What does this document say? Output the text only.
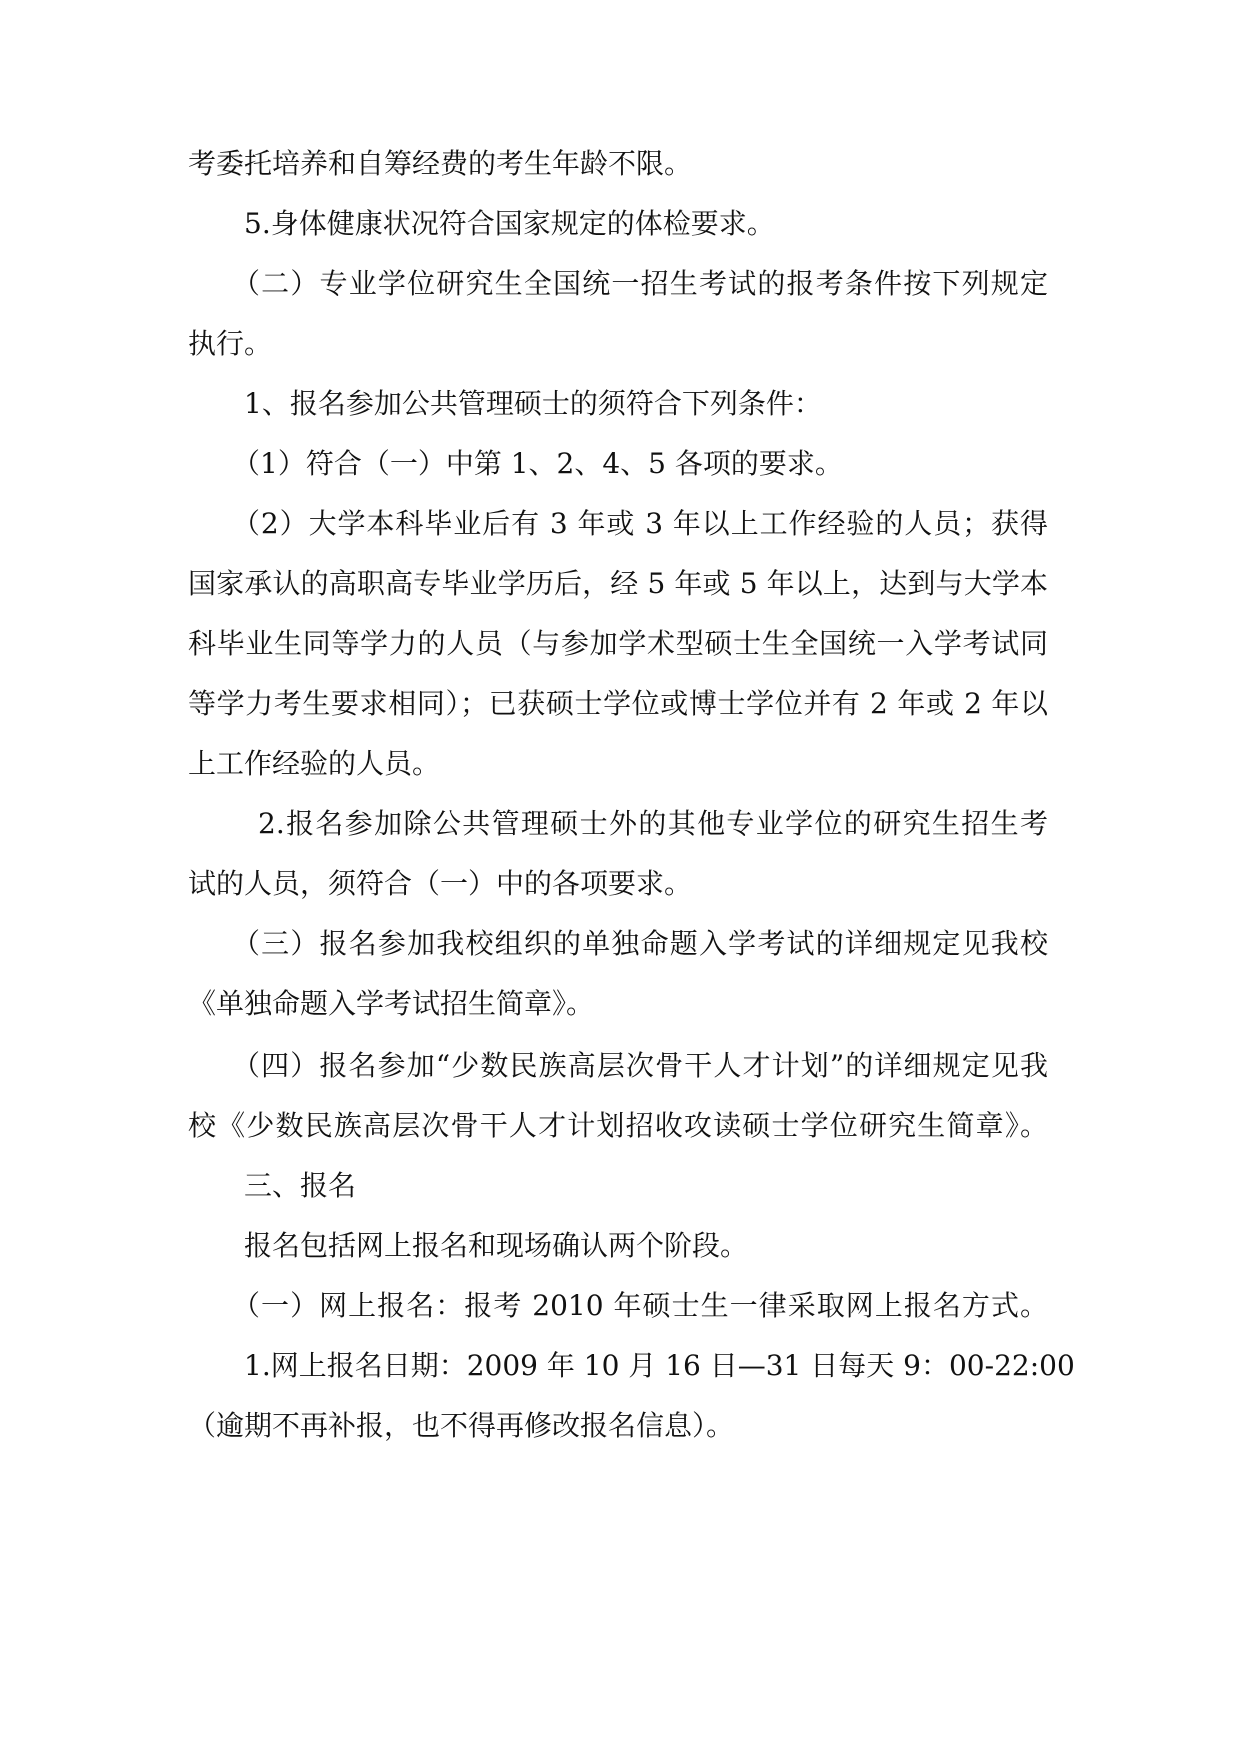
考委托培养和自筹经费的考生年龄不限。
5.身体健康状况符合国家规定的体检要求。
（二）专业学位研究生全国统一招生考试的报考条件按下列规定
执行。
1、报名参加公共管理硕士的须符合下列条件：
（1）符合（一）中第 1、2、4、5 各项的要求。
（2）大学本科毕业后有 3 年或 3 年以上工作经验的人员；获得
国家承认的高职高专毕业学历后，经 5 年或 5 年以上，达到与大学本
科毕业生同等学力的人员（与参加学术型硕士生全国统一入学考试同
等学力考生要求相同）；已获硕士学位或博士学位并有 2 年或 2 年以
上工作经验的人员。
2.报名参加除公共管理硕士外的其他专业学位的研究生招生考
试的人员，须符合（一）中的各项要求。
（三）报名参加我校组织的单独命题入学考试的详细规定见我校
《单独命题入学考试招生简章》。
（四）报名参加“少数民族高层次骨干人才计划”的详细规定见我
校《少数民族高层次骨干人才计划招收攻读硕士学位研究生简章》。
三、报名
报名包括网上报名和现场确认两个阶段。
（一）网上报名：报考 2010 年硕士生一律采取网上报名方式。
1.网上报名日期：2009 年 10 月 16 日—31 日每天 9：00-22:00
（逾期不再补报，也不得再修改报名信息）。
